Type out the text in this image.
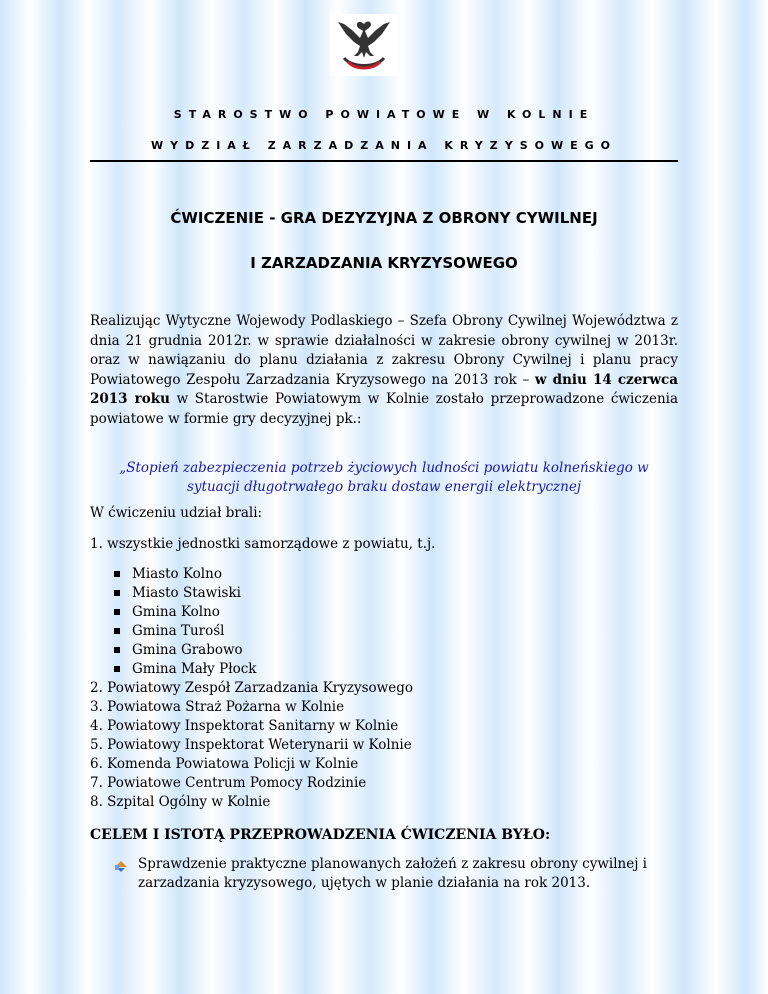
STAROSTWO POWIATOWE W KOLNIE
WYDZIAŁ ZARZADZANIA KRYZYSOWEGO
ĆWICZENIE - GRA DEZYZYJNA Z OBRONY CYWILNEJ
I ZARZADZANIA KRYZYSOWEGO
Realizując Wytyczne Wojewody Podlaskiego – Szefa Obrony Cywilnej Województwa z dnia 21 grudnia 2012r. w sprawie działalności w zakresie obrony cywilnej w 2013r. oraz w nawiązaniu do planu działania z zakresu Obrony Cywilnej i planu pracy Powiatowego Zespołu Zarzadzania Kryzysowego na 2013 rok – w dniu 14 czerwca 2013 roku w Starostwie Powiatowym w Kolnie zostało przeprowadzone ćwiczenia powiatowe w formie gry decyzyjnej pk.:
„Stopień zabezpieczenia potrzeb życiowych ludności powiatu kolneńskiego w
sytuacji długotrwałego braku dostaw energii elektrycznej
W ćwiczeniu udział brali:
1. wszystkie jednostki samorządowe z powiatu, t.j.
Miasto Kolno
Miasto Stawiski
Gmina Kolno
Gmina Turośl
Gmina Grabowo
Gmina Mały Płock
2. Powiatowy Zespół Zarzadzania Kryzysowego
3. Powiatowa Straż Pożarna w Kolnie
4. Powiatowy Inspektorat Sanitarny w Kolnie
5. Powiatowy Inspektorat Weterynarii w Kolnie
6. Komenda Powiatowa Policji w Kolnie
7. Powiatowe Centrum Pomocy Rodzinie
8. Szpital Ogólny w Kolnie
CELEM I ISTOTĄ PRZEPROWADZENIA ĆWICZENIA BYŁO:
Sprawdzenie praktyczne planowanych założeń z zakresu obrony cywilnej i
zarzadzania kryzysowego, ujętych w planie działania na rok 2013.
